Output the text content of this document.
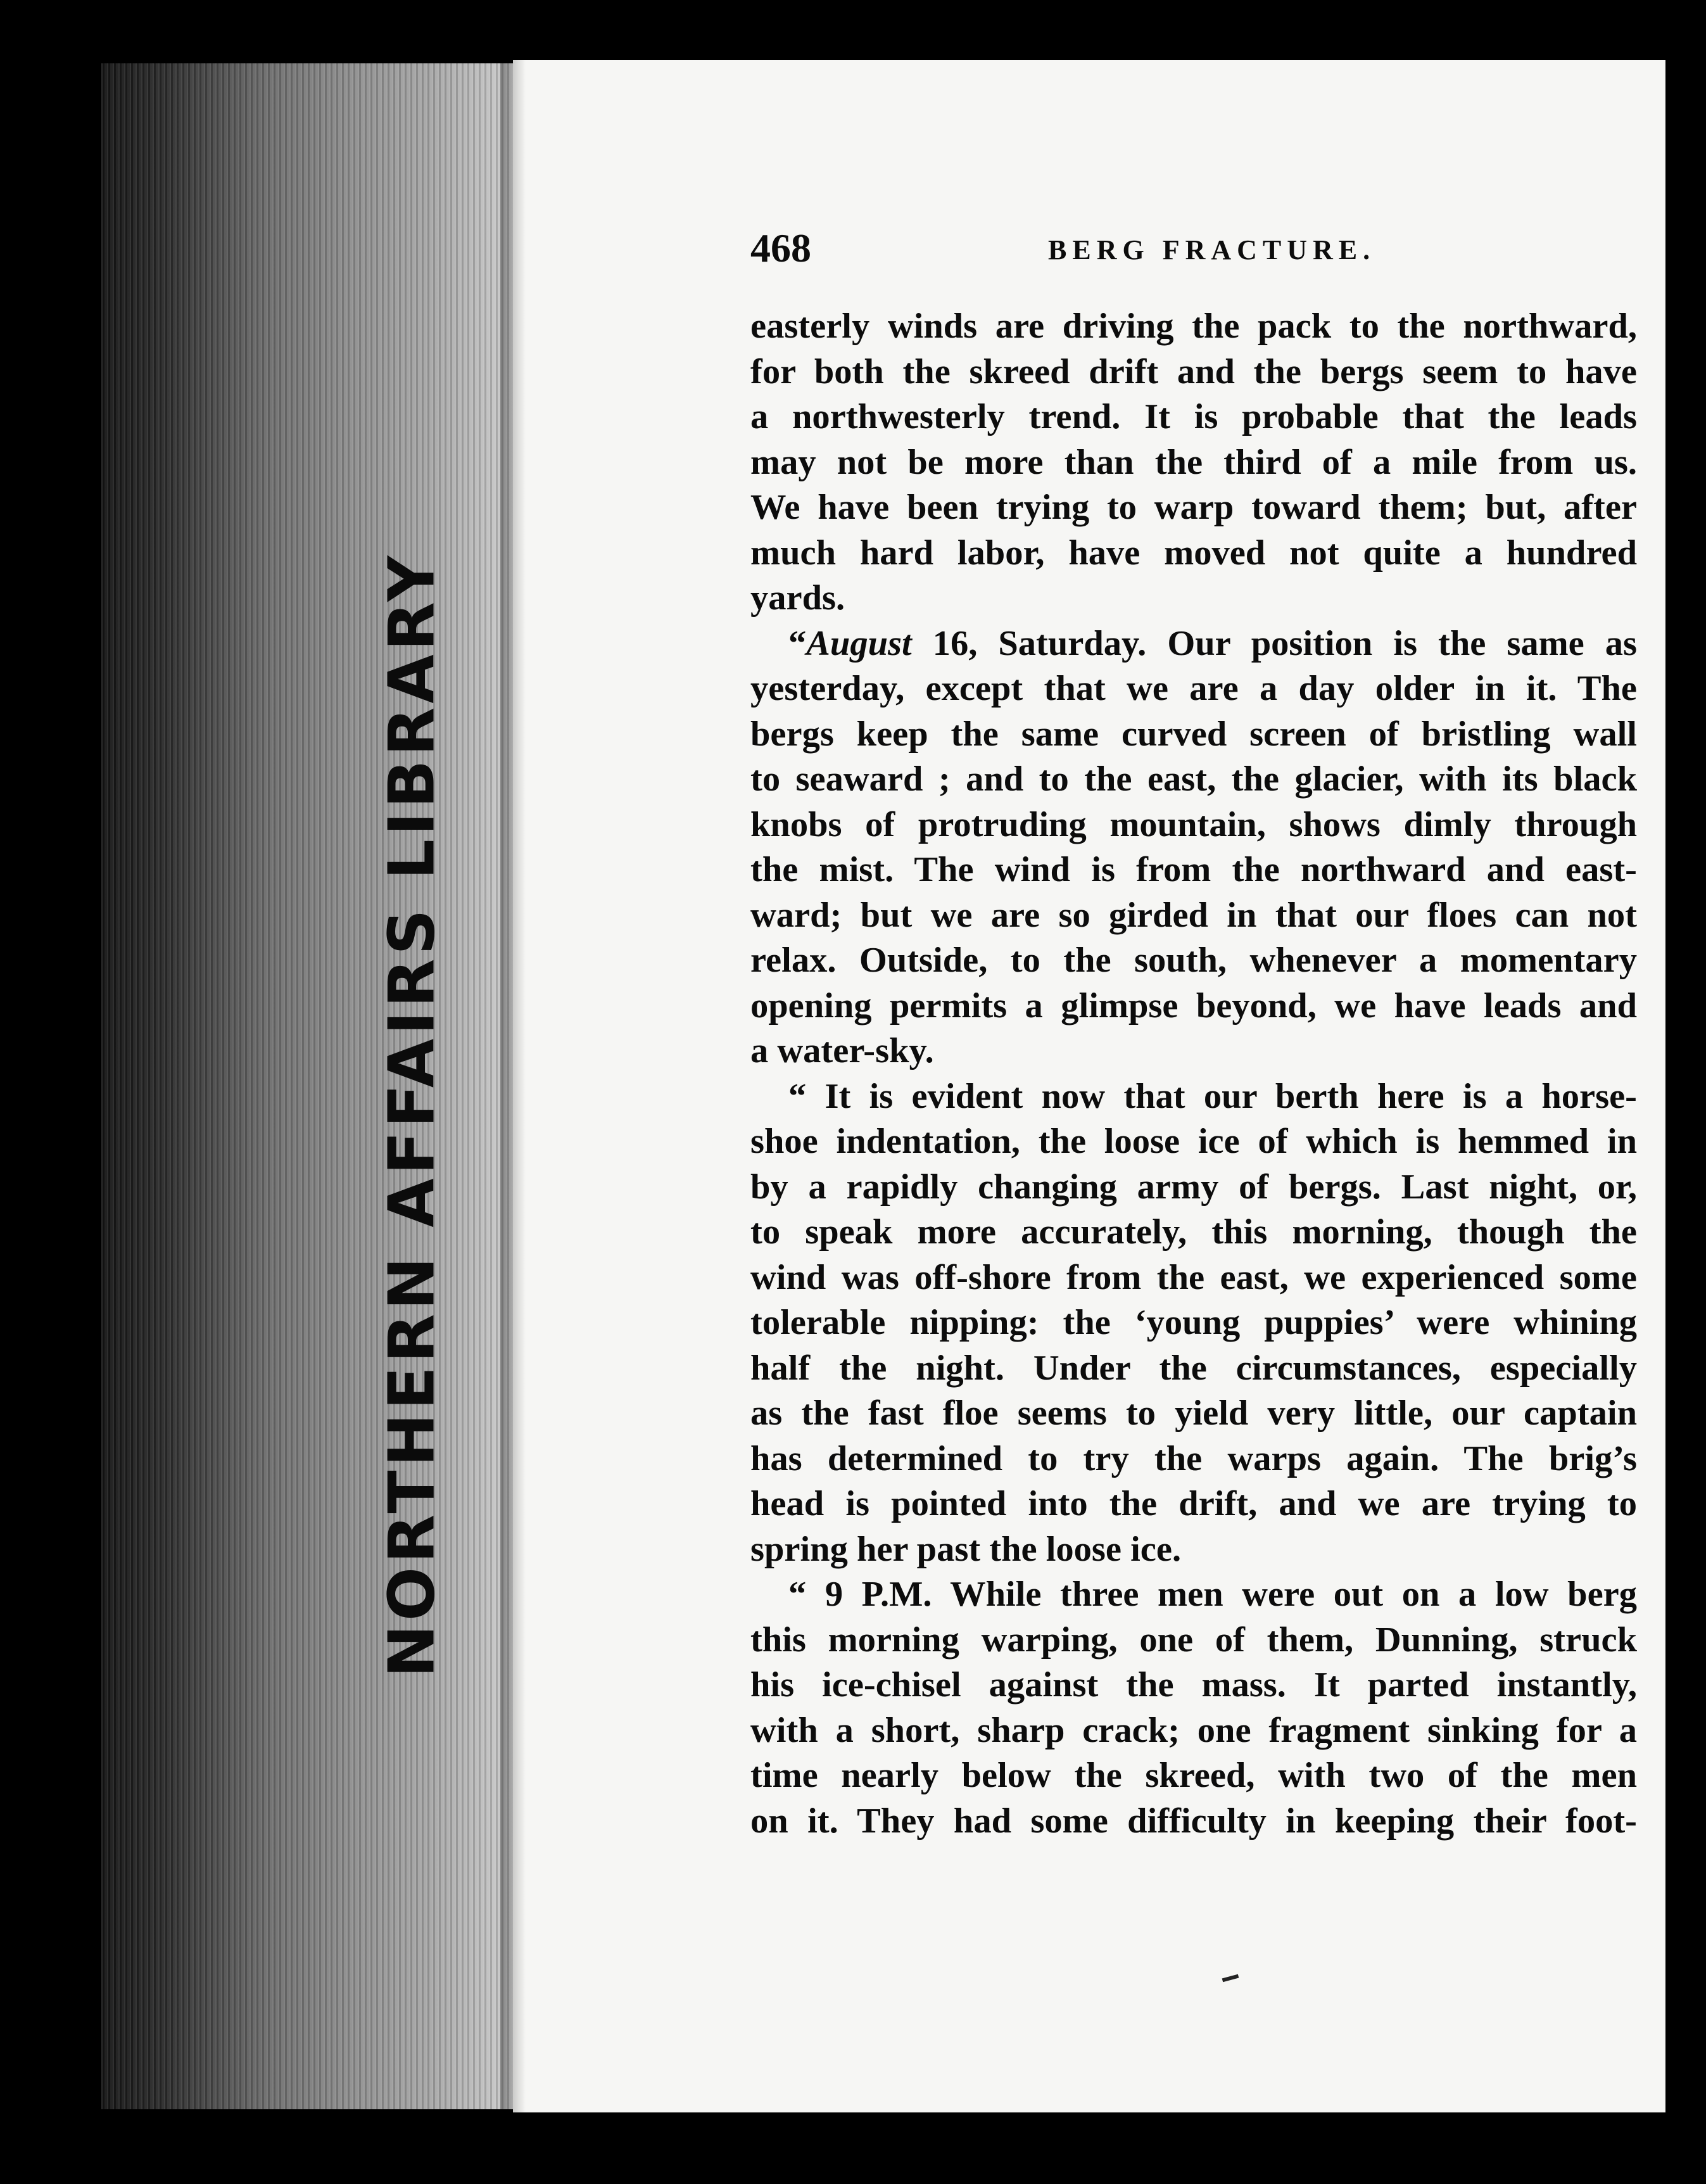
NORTHERN AFFAIRS LIBRARY
468	BERG FRACTURE.
easterly winds are driving the pack to the northward,
for both the skreed drift and the bergs seem to have
a northwesterly trend. It is probable that the leads
may not be more than the third of a mile from us.
We have been trying to warp toward them; but, after
much hard labor, have moved not quite a hundred
yards.
“August 16, Saturday. Our position is the same as
yesterday, except that we are a day older in it. The
bergs keep the same curved screen of bristling wall
to seaward ; and to the east, the glacier, with its black
knobs of protruding mountain, shows dimly through
the mist. The wind is from the northward and east-
ward; but we are so girded in that our floes can not
relax. Outside, to the south, whenever a momentary
opening permits a glimpse beyond, we have leads and
a water-sky.
“ It is evident now that our berth here is a horse-
shoe indentation, the loose ice of which is hemmed in
by a rapidly changing army of bergs. Last night, or,
to speak more accurately, this morning, though the
wind was off-shore from the east, we experienced some
tolerable nipping: the ‘young puppies’ were whining
half the night. Under the circumstances, especially
as the fast floe seems to yield very little, our captain
has determined to try the warps again. The brig’s
head is pointed into the drift, and we are trying to
spring her past the loose ice.
“ 9 P.M. While three men were out on a low berg
this morning warping, one of them, Dunning, struck
his ice-chisel against the mass. It parted instantly,
with a short, sharp crack; one fragment sinking for a
time nearly below the skreed, with two of the men
on it. They had some difficulty in keeping their foot-
